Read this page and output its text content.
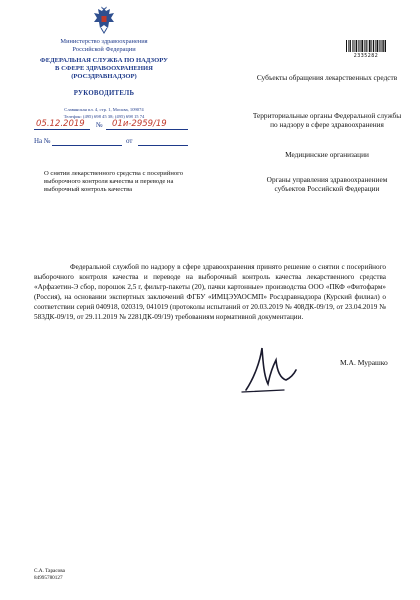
Министерство здравоохранения
Российской Федерации
ФЕДЕРАЛЬНАЯ СЛУЖБА ПО НАДЗОРУ
В СФЕРЕ ЗДРАВООХРАНЕНИЯ
(РОСЗДРАВНАДЗОР)
РУКОВОДИТЕЛЬ
Славянская пл. 4, стр. 1, Москва, 109074
Телефон: (495) 698 45 38; (495) 698 15 74
№
05.12.2019	01и-2959/19
На №	от
О снятии лекарственного средства с посерийного выборочного контроля качества и переводе на выборочный контроль качества
2335282
Субъекты обращения лекарственных средств
Территориальные органы Федеральной службы по надзору в сфере здравоохранения
Медицинские организации
Органы управления здравоохранением субъектов Российской Федерации
Федеральной службой по надзору в сфере здравоохранения принято решение о снятии с посерийного выборочного контроля качества и переводе на выборочный контроль качества лекарственного средства «Арфазетин-Э сбор, порошок 2,5 г, фильтр-пакеты (20), пачки картонные» производства ООО «ПКФ «Фитофарм» (Россия), на основании экспертных заключений ФГБУ «ИМЦЭУАОСМП» Росздравнадзора (Курский филиал) о соответствии серий 040918, 020319, 041019 (протоколы испытаний от 20.03.2019 № 408ДК-09/19, от 23.04.2019 № 583ДК-09/19, от 29.11.2019 № 2281ДК-09/19) требованиям нормативной документации.
М.А. Мурашко
С.А. Тарасова
84995780127
